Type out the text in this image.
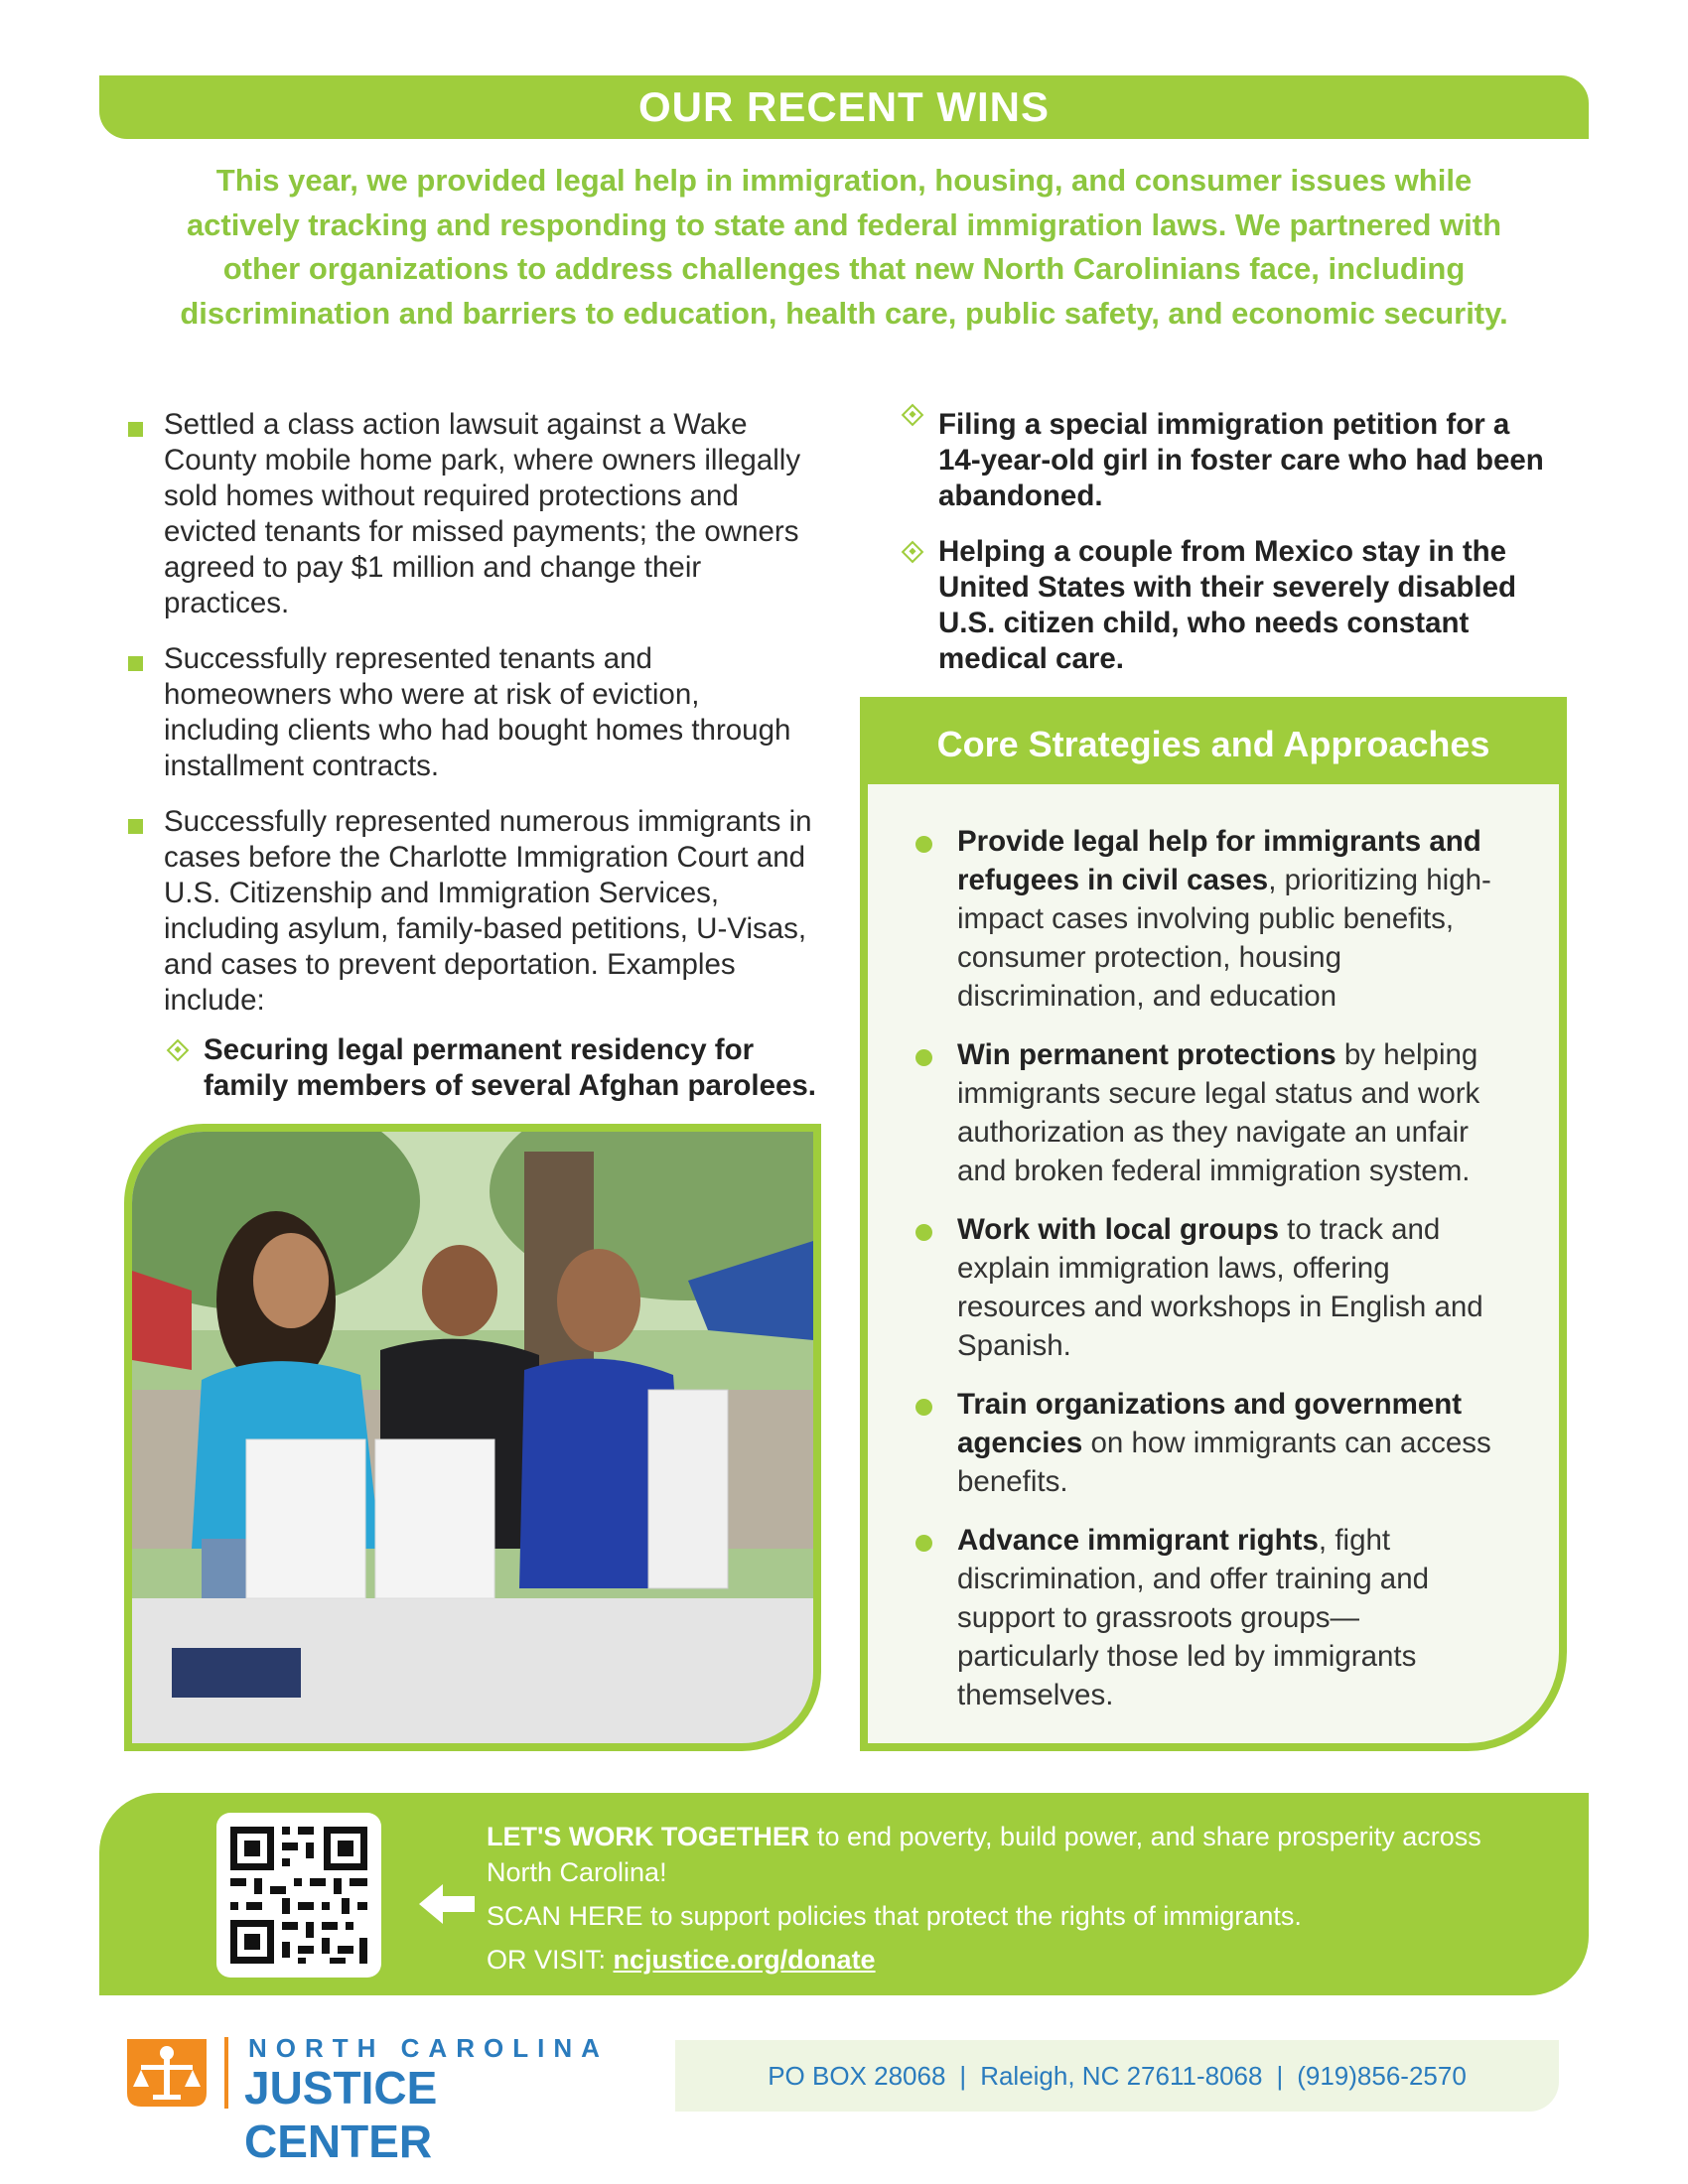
OUR RECENT WINS
This year, we provided legal help in immigration, housing, and consumer issues while actively tracking and responding to state and federal immigration laws. We partnered with other organizations to address challenges that new North Carolinians face, including discrimination and barriers to education, health care, public safety, and economic security.
Settled a class action lawsuit against a Wake County mobile home park, where owners illegally sold homes without required protections and evicted tenants for missed payments; the owners agreed to pay $1 million and change their practices.
Successfully represented tenants and homeowners who were at risk of eviction, including clients who had bought homes through installment contracts.
Successfully represented numerous immigrants in cases before the Charlotte Immigration Court and U.S. Citizenship and Immigration Services, including asylum, family-based petitions, U-Visas, and cases to prevent deportation. Examples include:
Securing legal permanent residency for family members of several Afghan parolees.
Filing a special immigration petition for a 14-year-old girl in foster care who had been abandoned.
Helping a couple from Mexico stay in the United States with their severely disabled U.S. citizen child, who needs constant medical care.
Core Strategies and Approaches
Provide legal help for immigrants and refugees in civil cases, prioritizing high-impact cases involving public benefits, consumer protection, housing discrimination, and education
Win permanent protections by helping immigrants secure legal status and work authorization as they navigate an unfair and broken federal immigration system.
Work with local groups to track and explain immigration laws, offering resources and workshops in English and Spanish.
Train organizations and government agencies on how immigrants can access benefits.
Advance immigrant rights, fight discrimination, and offer training and support to grassroots groups—particularly those led by immigrants themselves.
LET'S WORK TOGETHER to end poverty, build power, and share prosperity across North Carolina!
SCAN HERE to support policies that protect the rights of immigrants.
OR VISIT: ncjustice.org/donate
NORTH CAROLINA
JUSTICE CENTER
PO BOX 28068 | Raleigh, NC 27611-8068 | (919)856-2570
